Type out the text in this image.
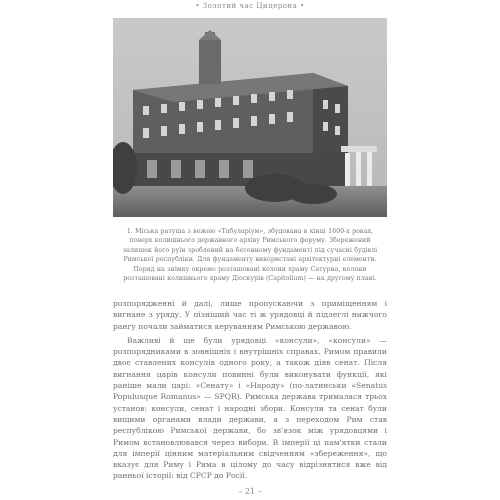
• Золотий час Цицерона •

1. Міська ратуша з вежею «Табуларіум», збудована в кінці 1600-х роках, поверх колишнього державного архіву Римського форуму. Збережений залишок його руїн зроблений на бетонному фундаменті під сучасні будівлі Римської республіки. Для фундаменту використані архітектурні елементи. Поряд на знімку окремо розташовані колони храму Сатурна, колони розташовані колишнього храму Діоскурів (Capitolium) — на другому плані.

розпорядженні й далі, лише пропускаючи з приміщенням і вигнане з уряду. У пізніший час ті ж урядовці й підлеглі нижчого рангу почали займатися керуванням Римською державою.

Важливі й ще були урядовці «консули», «консули» — розпорядниками в зовнішніх і внутрішніх справах. Римом правили двоє ставлених консулів одного року, а також діяв сенат. Після вигнання царів консули повинні були виконувати функції, які раніше мали царі: «Сенату» і «Народу» (по-латинськи «Senatus Populusque Romanus» — SPQR). Римська держава трималася трьох установ: консули, сенат і народні збори. Консули та сенат були вищими органами влади держави, а з переходом Рим став республікою Римської держави, бо зв'язок між урядовцями і Римом встановлювався через вибори. В імперії ці пам'ятки стали для імперії цінним матеріальним свідченням «збереження», що вказує для Риму і Рима в цілому до часу відрізнятися вже від ранньої історії: від СРСР до Росії.

– 21 –
